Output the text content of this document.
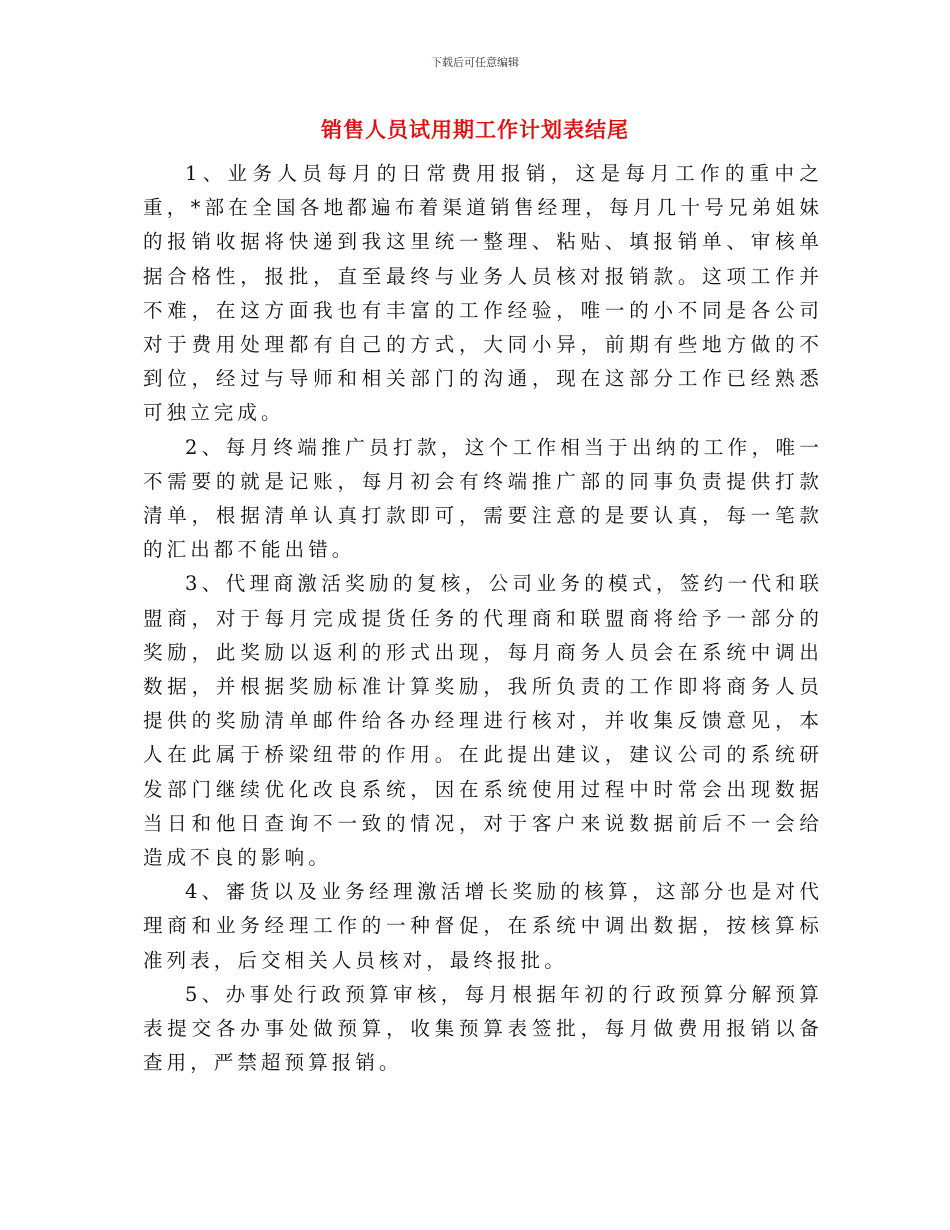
下载后可任意编辑
销售人员试用期工作计划表结尾

1、业务人员每月的日常费用报销，这是每月工作的重中之重，*部在全国各地都遍布着渠道销售经理，每月几十号兄弟姐妹的报销收据将快递到我这里统一整理、粘贴、填报销单、审核单据合格性，报批，直至最终与业务人员核对报销款。这项工作并不难，在这方面我也有丰富的工作经验，唯一的小不同是各公司对于费用处理都有自己的方式，大同小异，前期有些地方做的不到位，经过与导师和相关部门的沟通，现在这部分工作已经熟悉可独立完成。

2、每月终端推广员打款，这个工作相当于出纳的工作，唯一不需要的就是记账，每月初会有终端推广部的同事负责提供打款清单，根据清单认真打款即可，需要注意的是要认真，每一笔款的汇出都不能出错。

3、代理商激活奖励的复核，公司业务的模式，签约一代和联盟商，对于每月完成提货任务的代理商和联盟商将给予一部分的奖励，此奖励以返利的形式出现，每月商务人员会在系统中调出数据，并根据奖励标准计算奖励，我所负责的工作即将商务人员提供的奖励清单邮件给各办经理进行核对，并收集反馈意见，本人在此属于桥梁纽带的作用。在此提出建议，建议公司的系统研发部门继续优化改良系统，因在系统使用过程中时常会出现数据当日和他日查询不一致的情况，对于客户来说数据前后不一会给造成不良的影响。

4、審货以及业务经理激活增长奖励的核算，这部分也是对代理商和业务经理工作的一种督促，在系统中调出数据，按核算标准列表，后交相关人员核对，最终报批。

5、办事处行政预算审核，每月根据年初的行政预算分解预算表提交各办事处做预算，收集预算表签批，每月做费用报销以备查用，严禁超预算报销。
